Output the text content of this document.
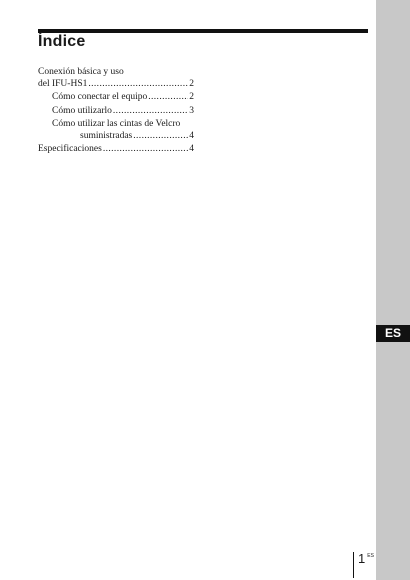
Índice
Conexión básica y uso
del IFU-HS1 .....	2
Cómo conectar el equipo .....	2
Cómo utilizarlo .....	3
Cómo utilizar las cintas de Velcro
suministradas .....	4
Especificaciones .....	4
ES
1 ES
